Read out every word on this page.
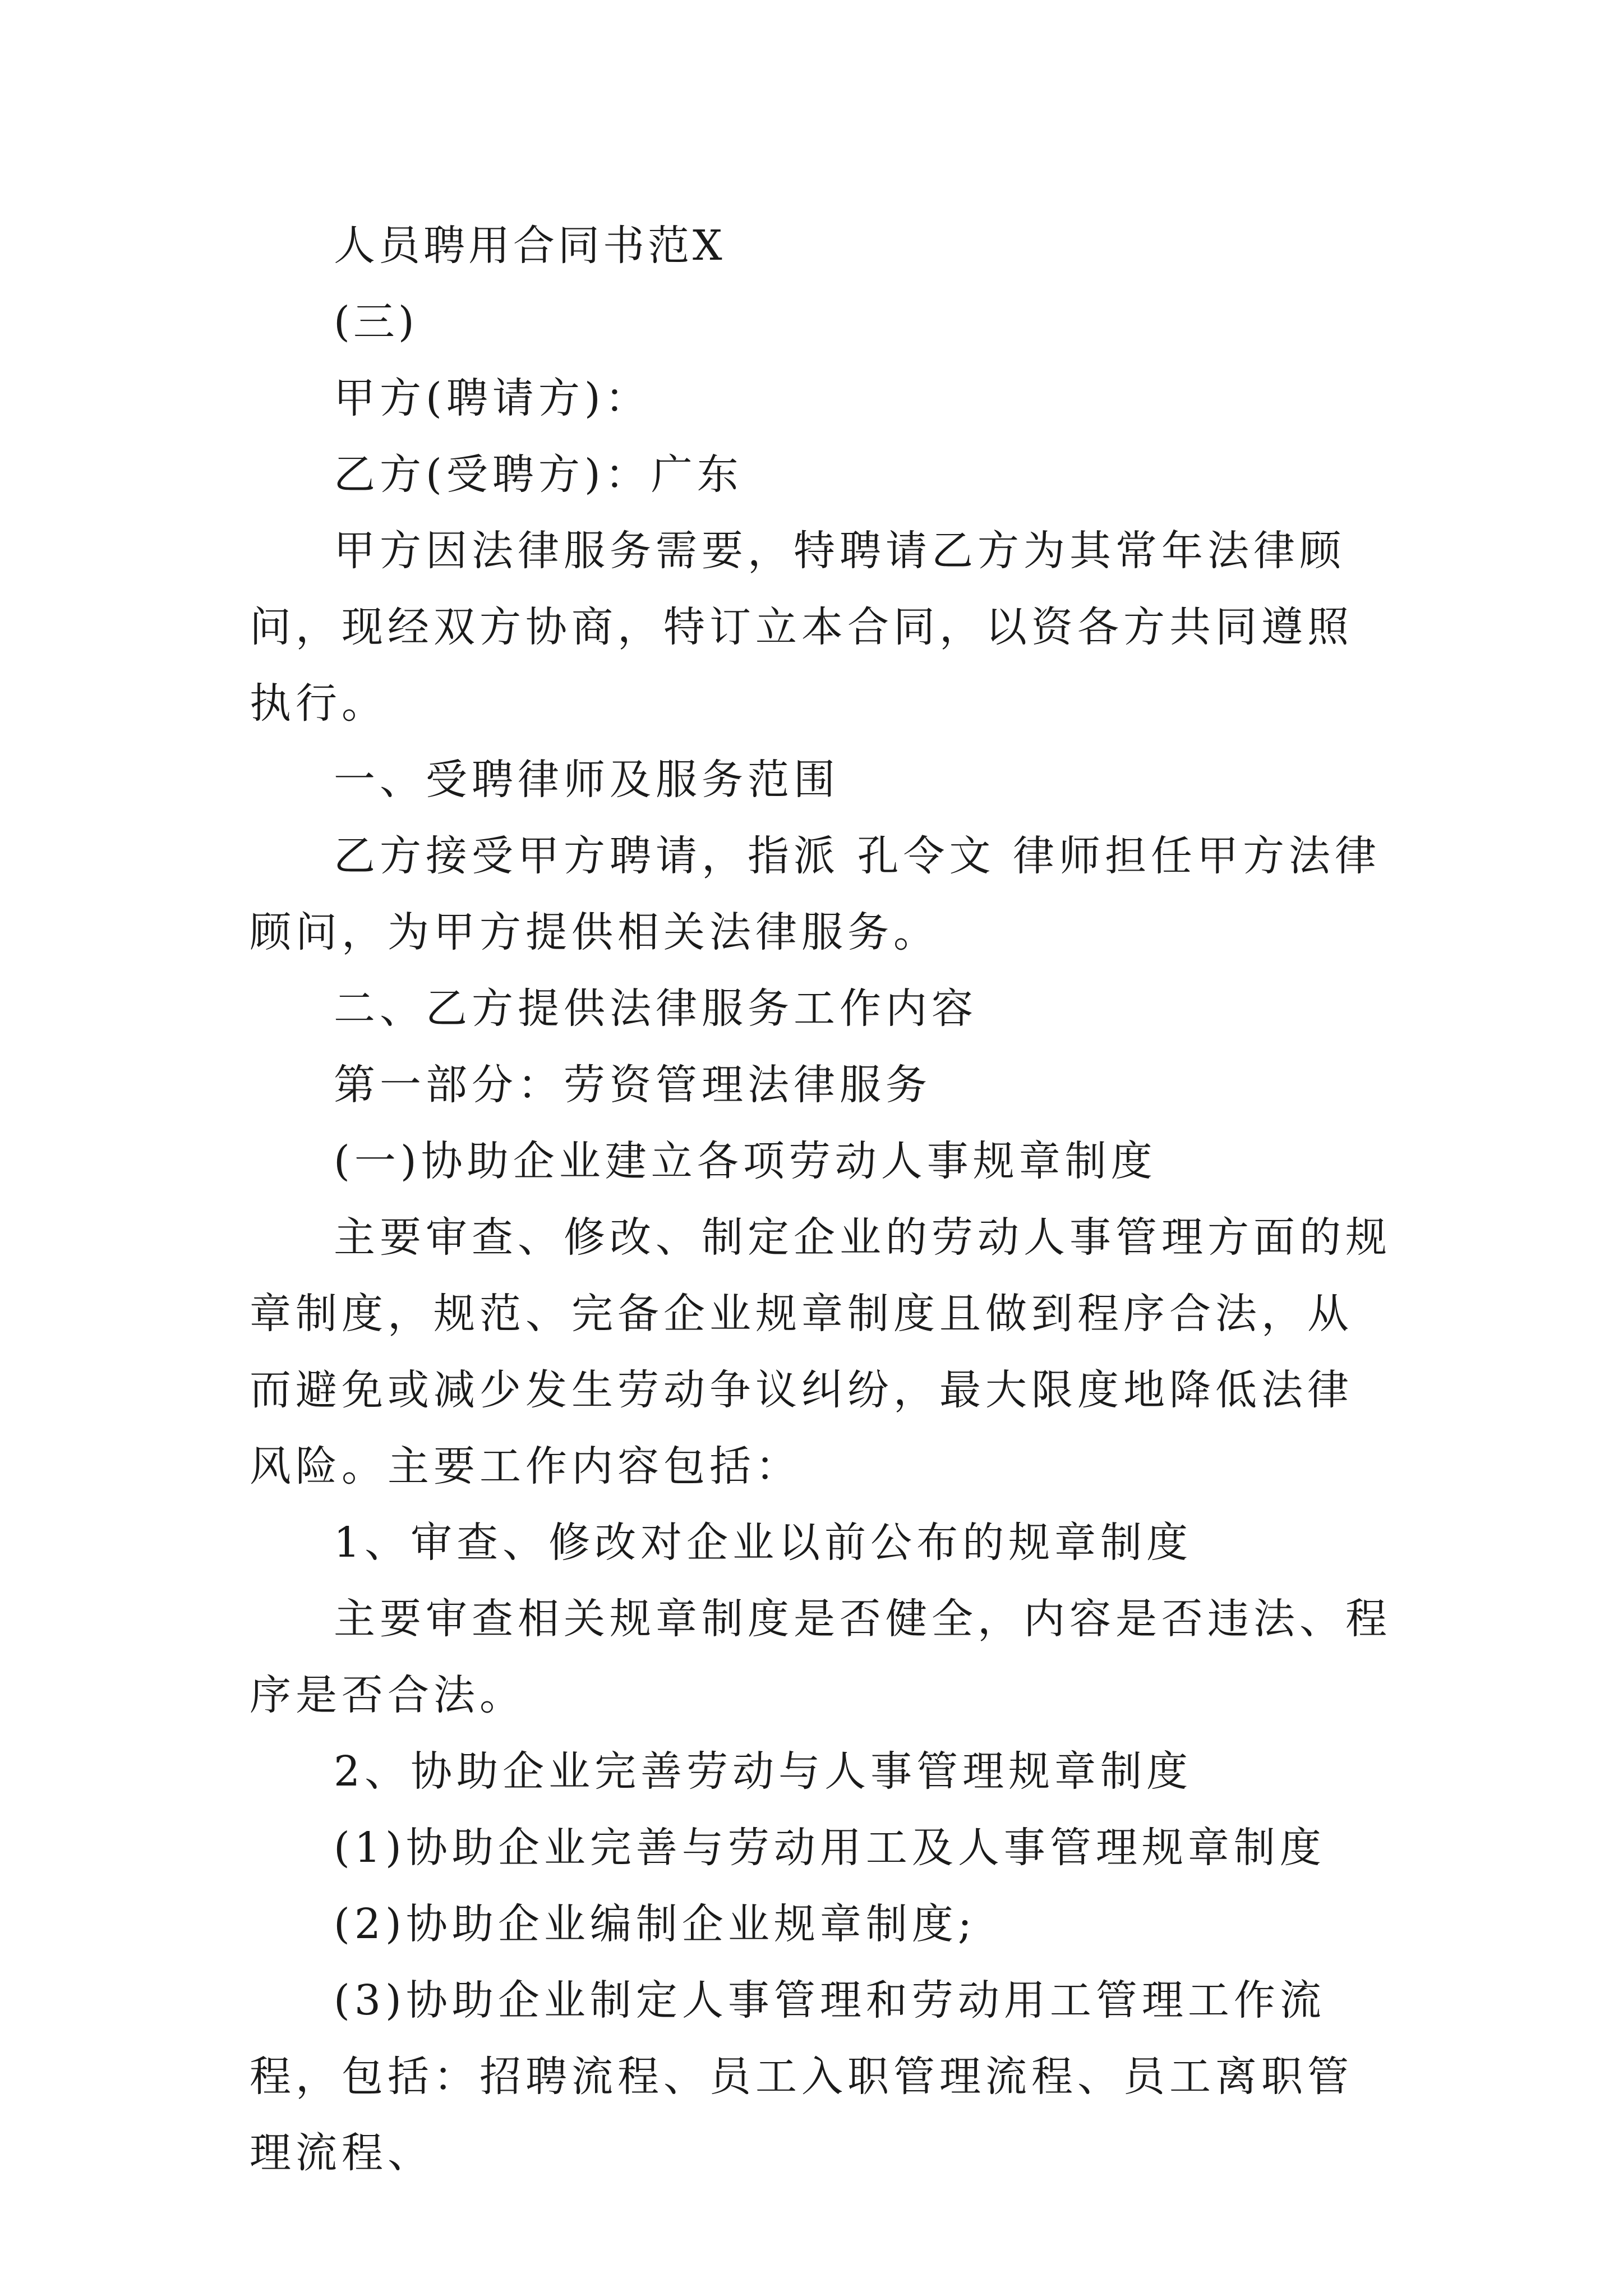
人员聘用合同书范X

(三)

甲方(聘请方)：

乙方(受聘方)：广东

甲方因法律服务需要，特聘请乙方为其常年法律顾问，现经双方协商，特订立本合同，以资各方共同遵照执行。

一、受聘律师及服务范围

乙方接受甲方聘请，指派 孔令文 律师担任甲方法律顾问，为甲方提供相关法律服务。

二、乙方提供法律服务工作内容

第一部分：劳资管理法律服务

(一)协助企业建立各项劳动人事规章制度

主要审查、修改、制定企业的劳动人事管理方面的规章制度，规范、完备企业规章制度且做到程序合法，从而避免或减少发生劳动争议纠纷，最大限度地降低法律风险。主要工作内容包括：

1、审查、修改对企业以前公布的规章制度

主要审查相关规章制度是否健全，内容是否违法、程序是否合法。

2、协助企业完善劳动与人事管理规章制度

(1)协助企业完善与劳动用工及人事管理规章制度

(2)协助企业编制企业规章制度;

(3)协助企业制定人事管理和劳动用工管理工作流程，包括：招聘流程、员工入职管理流程、员工离职管理流程、
